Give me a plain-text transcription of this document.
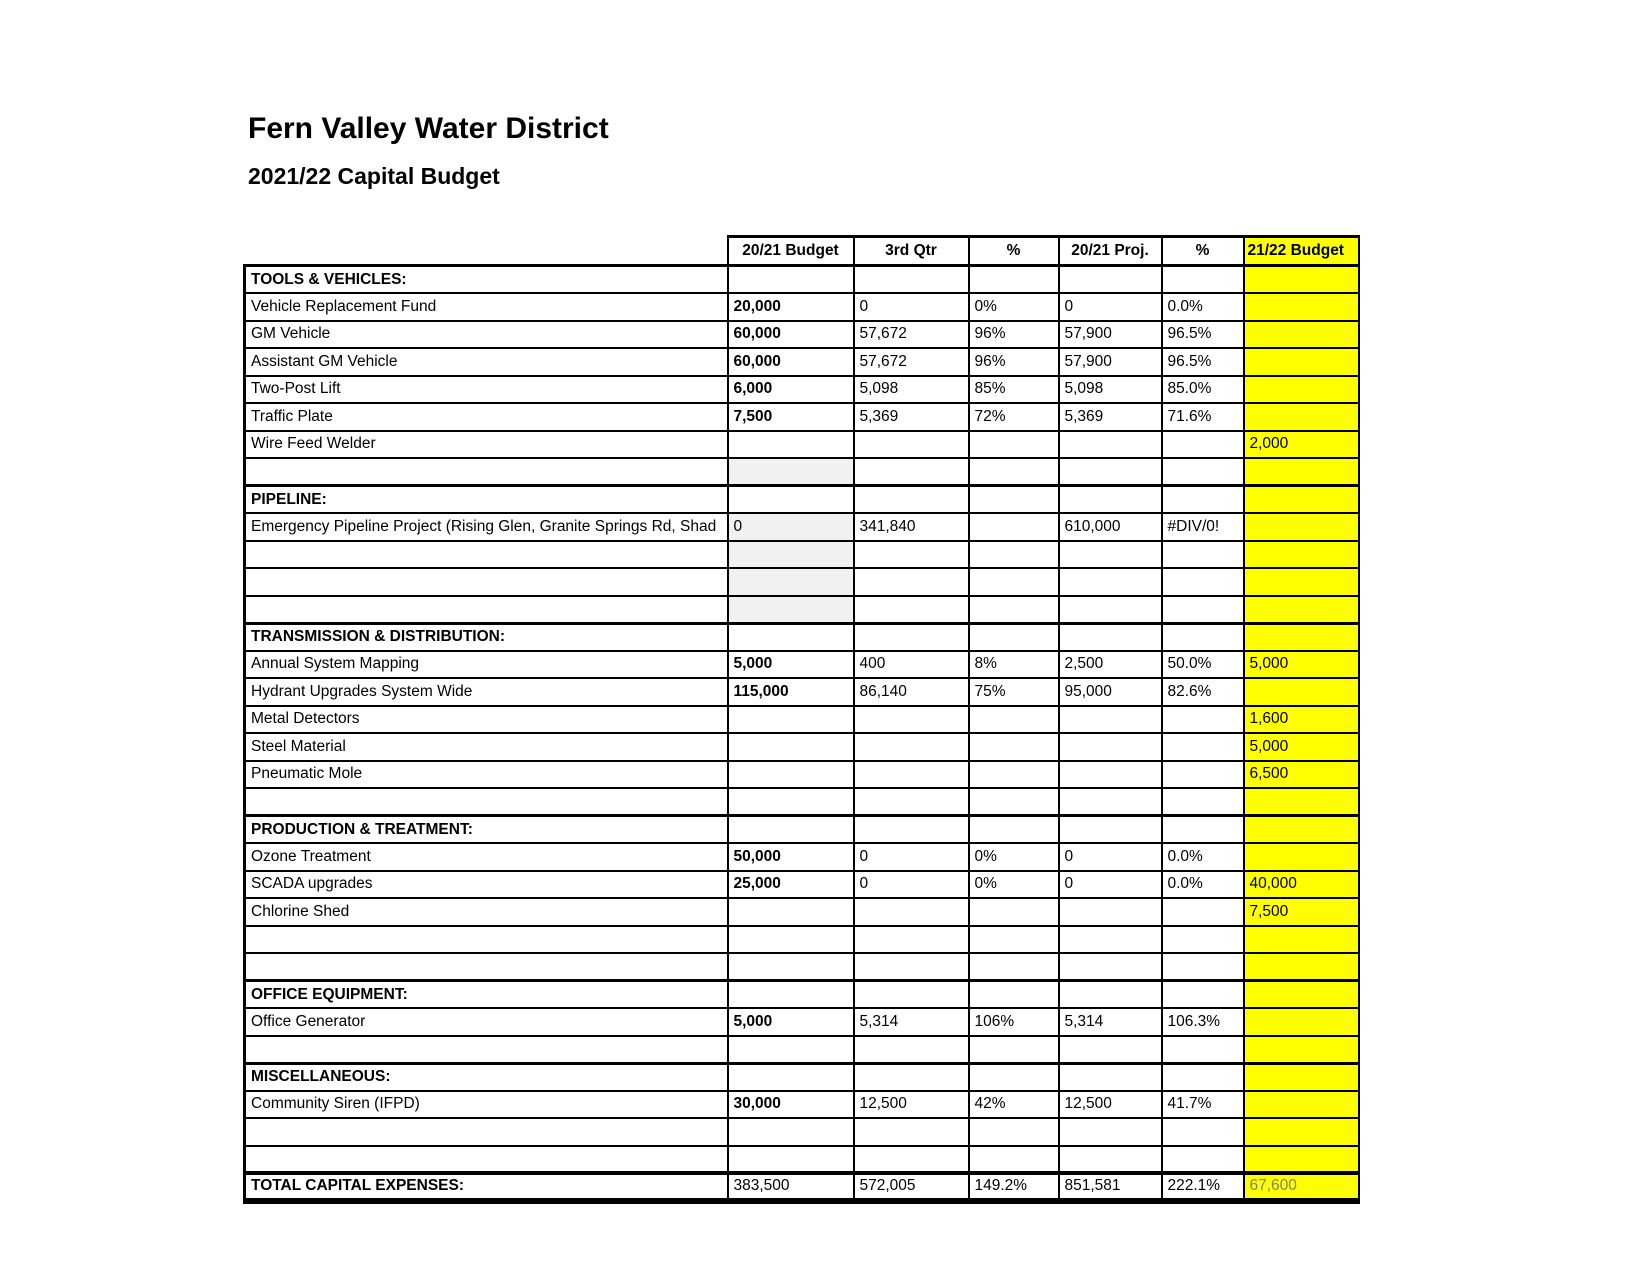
Fern Valley Water District
2021/22 Capital Budget
	20/21 Budget	3rd Qtr	%	20/21 Proj.	%	21/22 Budget
TOOLS & VEHICLES:						
Vehicle Replacement Fund	20,000	0	0%	0	0.0%	
GM Vehicle	60,000	57,672	96%	57,900	96.5%	
Assistant GM Vehicle	60,000	57,672	96%	57,900	96.5%	
Two-Post Lift	6,000	5,098	85%	5,098	85.0%	
Traffic Plate	7,500	5,369	72%	5,369	71.6%	
Wire Feed Welder						2,000

PIPELINE:						
Emergency Pipeline Project (Rising Glen, Granite Springs Rd, Shad	0	341,840		610,000	#DIV/0!	

TRANSMISSION & DISTRIBUTION:						
Annual System Mapping	5,000	400	8%	2,500	50.0%	5,000
Hydrant Upgrades System Wide	115,000	86,140	75%	95,000	82.6%	
Metal Detectors						1,600
Steel Material						5,000
Pneumatic Mole						6,500

PRODUCTION & TREATMENT:						
Ozone Treatment	50,000	0	0%	0	0.0%	
SCADA upgrades	25,000	0	0%	0	0.0%	40,000
Chlorine Shed						7,500

OFFICE EQUIPMENT:						
Office Generator	5,000	5,314	106%	5,314	106.3%	

MISCELLANEOUS:						
Community Siren (IFPD)	30,000	12,500	42%	12,500	41.7%	

TOTAL CAPITAL EXPENSES:	383,500	572,005	149.2%	851,581	222.1%	67,600
